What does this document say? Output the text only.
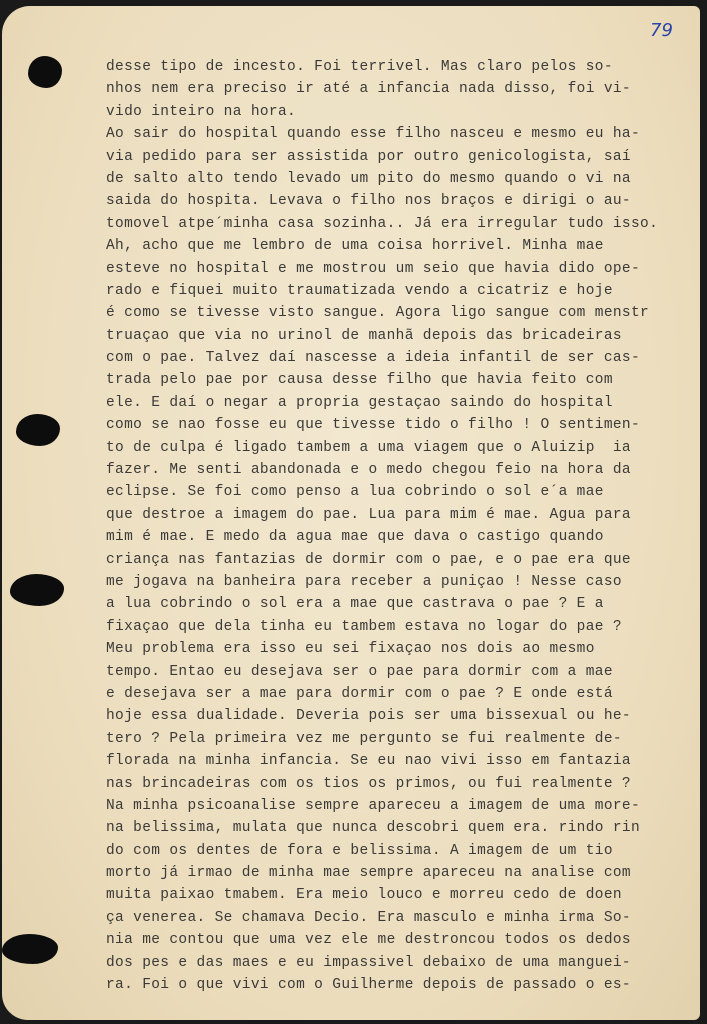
79
desse tipo de incesto. Foi terrivel. Mas claro pelos so-
nhos nem era preciso ir até a infancia nada disso, foi vi-
vido inteiro na hora.
Ao sair do hospital quando esse filho nasceu e mesmo eu ha-
via pedido para ser assistida por outro genicologista, saí
de salto alto tendo levado um pito do mesmo quando o vi na
saida do hospita. Levava o filho nos braços e dirigi o au-
tomovel atpe´minha casa sozinha.. Já era irregular tudo isso.
Ah, acho que me lembro de uma coisa horrivel. Minha mae
esteve no hospital e me mostrou um seio que havia dido ope-
rado e fiquei muito traumatizada vendo a cicatriz e hoje
é como se tivesse visto sangue. Agora ligo sangue com menstr
truaçao que via no urinol de manhã depois das bricadeiras
com o pae. Talvez daí nascesse a ideia infantil de ser cas-
trada pelo pae por causa desse filho que havia feito com
ele. E daí o negar a propria gestaçao saindo do hospital
como se nao fosse eu que tivesse tido o filho ! O sentimen-
to de culpa é ligado tambem a uma viagem que o Aluizip  ia
fazer. Me senti abandonada e o medo chegou feio na hora da
eclipse. Se foi como penso a lua cobrindo o sol e´a mae
que destroe a imagem do pae. Lua para mim é mae. Agua para
mim é mae. E medo da agua mae que dava o castigo quando
criança nas fantazias de dormir com o pae, e o pae era que
me jogava na banheira para receber a puniçao ! Nesse caso
a lua cobrindo o sol era a mae que castrava o pae ? E a
fixaçao que dela tinha eu tambem estava no logar do pae ?
Meu problema era isso eu sei fixaçao nos dois ao mesmo
tempo. Entao eu desejava ser o pae para dormir com a mae
e desejava ser a mae para dormir com o pae ? E onde está
hoje essa dualidade. Deveria pois ser uma bissexual ou he-
tero ? Pela primeira vez me pergunto se fui realmente de-
florada na minha infancia. Se eu nao vivi isso em fantazia
nas brincadeiras com os tios os primos, ou fui realmente ?
Na minha psicoanalise sempre apareceu a imagem de uma more-
na belissima, mulata que nunca descobri quem era. rindo rin
do com os dentes de fora e belissima. A imagem de um tio
morto já irmao de minha mae sempre apareceu na analise com
muita paixao tmabem. Era meio louco e morreu cedo de doen
ça venerea. Se chamava Decio. Era masculo e minha irma So-
nia me contou que uma vez ele me destroncou todos os dedos
dos pes e das maes e eu impassivel debaixo de uma manguei-
ra. Foi o que vivi com o Guilherme depois de passado o es-
